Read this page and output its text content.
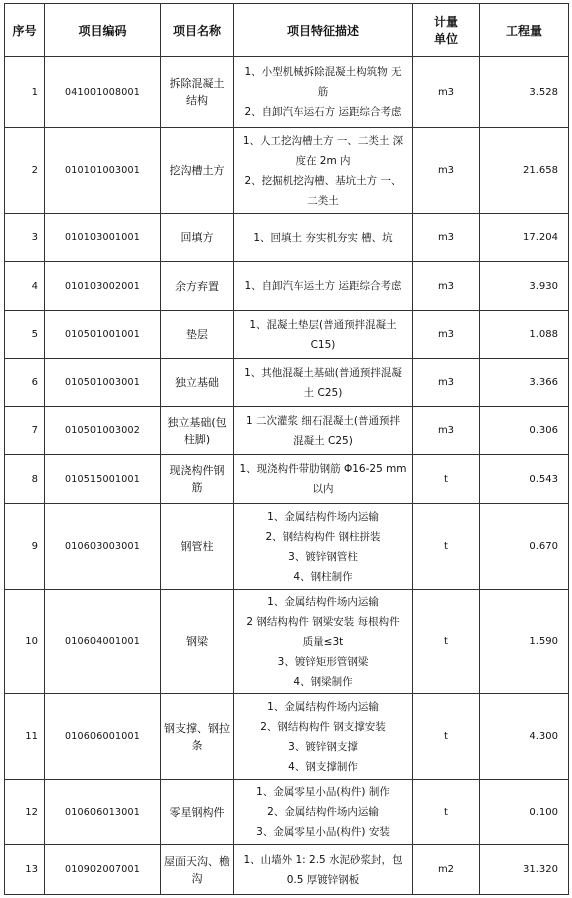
序号	项目编码	项目名称	项目特征描述	计量
单位	工程量
1	041001008001	拆除混凝土
结构	1、小型机械拆除混凝土构筑物 无
筋
2、自卸汽车运石方 运距综合考虑	m3	3.528
2	010101003001	挖沟槽土方	1、人工挖沟槽土方 一、二类土 深
度在 2m 内
2、挖掘机挖沟槽、基坑土方 一、
二类土	m3	21.658
3	010103001001	回填方	1、回填土 夯实机夯实 槽、坑	m3	17.204
4	010103002001	余方弃置	1、自卸汽车运土方 运距综合考虑	m3	3.930
5	010501001001	垫层	1、混凝土垫层(普通预拌混凝土
C15)	m3	1.088
6	010501003001	独立基础	1、其他混凝土基础(普通预拌混凝
土 C25)	m3	3.366
7	010501003002	独立基础(包
柱脚)	1 二次灌浆 细石混凝土(普通预拌
混凝土 C25)	m3	0.306
8	010515001001	现浇构件钢
筋	1、现浇构件带肋钢筋 Φ16-25 mm
以内	t	0.543
9	010603003001	钢管柱	1、金属结构件场内运输
2、钢结构构件 钢柱拼装
3、镀锌钢管柱
4、钢柱制作	t	0.670
10	010604001001	钢梁	1、金属结构件场内运输
2 钢结构构件 钢梁安装 每根构件
质量≤3t
3、镀锌矩形管钢梁
4、钢梁制作	t	1.590
11	010606001001	钢支撑、钢拉
条	1、金属结构件场内运输
2、钢结构构件 钢支撑安装
3、镀锌钢支撑
4、钢支撑制作	t	4.300
12	010606013001	零星钢构件	1、金属零星小品(构件) 制作
2、金属结构件场内运输
3、金属零星小品(构件) 安装	t	0.100
13	010902007001	屋面天沟、檐
沟	1、山墙外 1: 2.5 水泥砂浆封，包
0.5 厚镀锌钢板	m2	31.320
